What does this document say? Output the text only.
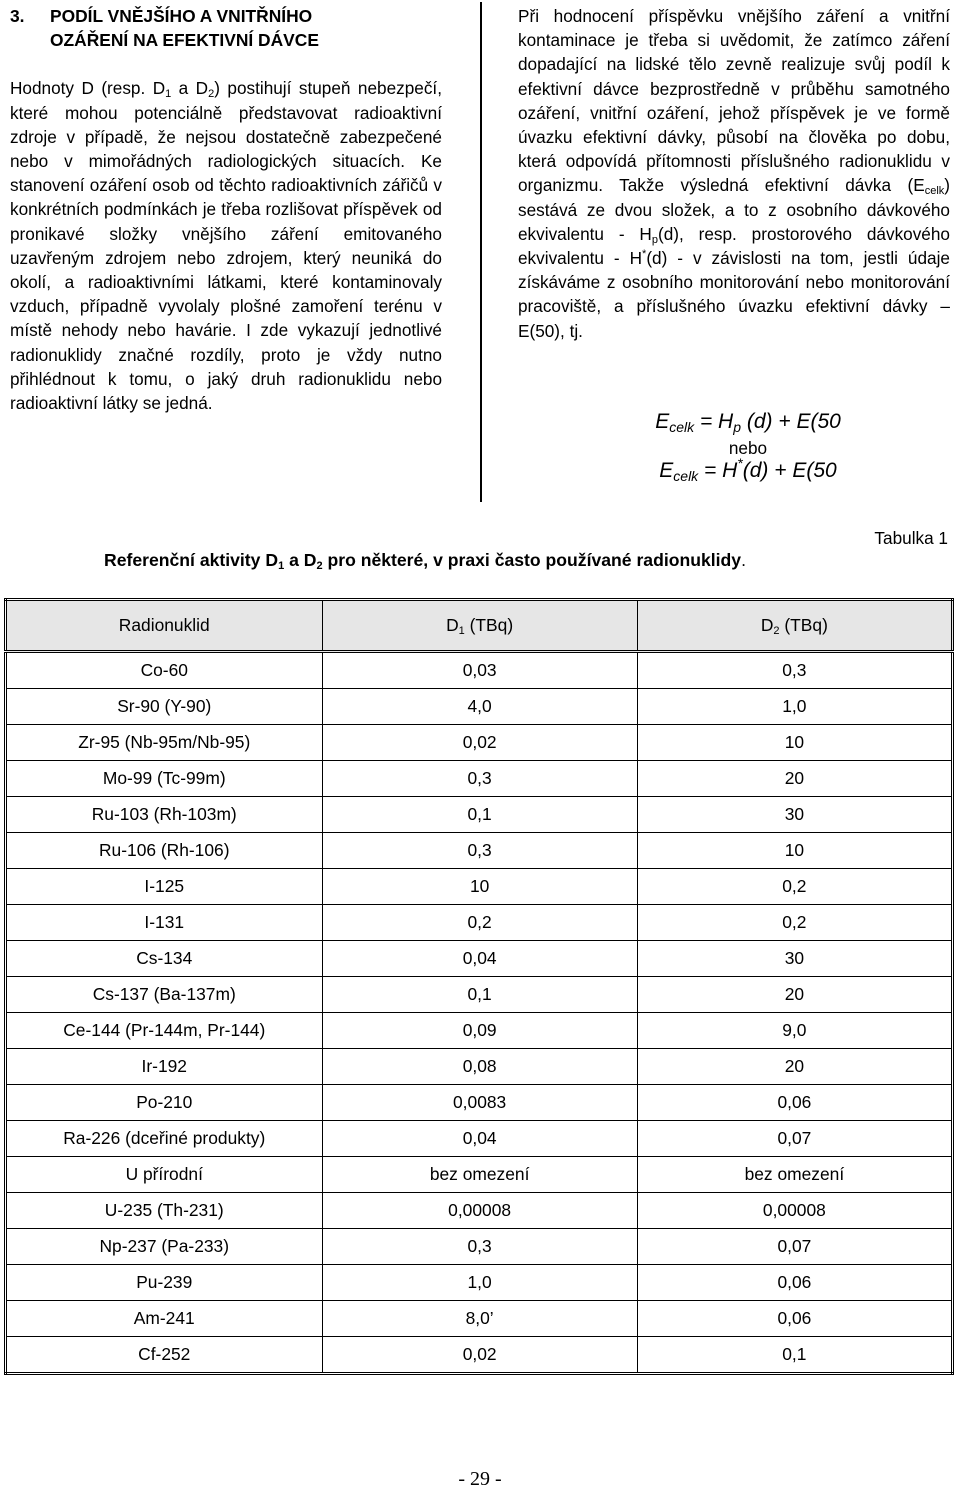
3. PODÍL VNĚJŠÍHO A VNITŘNÍHO
OZÁŘENÍ NA EFEKTIVNÍ DÁVCE

Hodnoty D (resp. $D_1$ a $D_2$) postihují stupeň nebezpečí, které mohou potenciálně představovat radioaktivní zdroje v případě, že nejsou dostatečně zabezpečené nebo v mimořádných radiologických situacích. Ke stanovení ozáření osob od těchto radioaktivních zářičů v konkrétních podmínkách je třeba rozlišovat příspěvek od pronikavé složky vnějšího záření emitovaného uzavřeným zdrojem nebo zdrojem, který neuniká do okolí, a radioaktivními látkami, které kontaminovaly vzduch, případně vyvolaly plošné zamoření terénu v místě nehody nebo havárie. I zde vykazují jednotlivé radionuklidy značné rozdíly, proto je vždy nutno přihlédnout k tomu, o jaký druh radionuklidu nebo radioaktivní látky se jedná.

Při hodnocení příspěvku vnějšího záření a vnitřní kontaminace je třeba si uvědomit, že zatímco záření dopadající na lidské tělo zevně realizuje svůj podíl k efektivní dávce bezprostředně v průběhu samotného ozáření, vnitřní ozáření, jehož příspěvek je ve formě úvazku efektivní dávky, působí na člověka po dobu, která odpovídá přítomnosti příslušného radionuklidu v organizmu. Takže výsledná efektivní dávka $(E_{celk})$ sestává ze dvou složek, a to z osobního dávkového ekvivalentu - $H_p(d)$, resp. prostorového dávkového ekvivalentu - H*(d) - v závislosti na tom, jestli údaje získáváme z osobního monitorování nebo monitorování pracoviště, a příslušného úvazku efektivní dávky – E(50), tj.

$E_{celk} = H_p$ (d) + E(50
nebo
$E_{celk} = H^*(d) + E(50$
Tabulka 1
Referenční aktivity $D_1$ a $D_2$ pro některé, v praxi často používané radionuklidy.
Radionuklid	$D_1$ (TBq)	$D_2$ (TBq)
Co-60	0,03	0,3
Sr-90 (Y-90)	4,0	1,0
Zr-95 (Nb-95m/Nb-95)	0,02	10
Mo-99 (Tc-99m)	0,3	20
Ru-103 (Rh-103m)	0,1	30
Ru-106 (Rh-106)	0,3	10
I-125	10	0,2
I-131	0,2	0,2
Cs-134	0,04	30
Cs-137 (Ba-137m)	0,1	20
Ce-144 (Pr-144m, Pr-144)	0,09	9,0
Ir-192	0,08	20
Po-210	0,0083	0,06
Ra-226 (dceřiné produkty)	0,04	0,07
U přírodní	bez omezení	bez omezení
U-235 (Th-231)	0,00008	0,00008
Np-237 (Pa-233)	0,3	0,07
Pu-239	1,0	0,06
Am-241	8,0’	0,06
Cf-252	0,02	0,1
- 29 -
